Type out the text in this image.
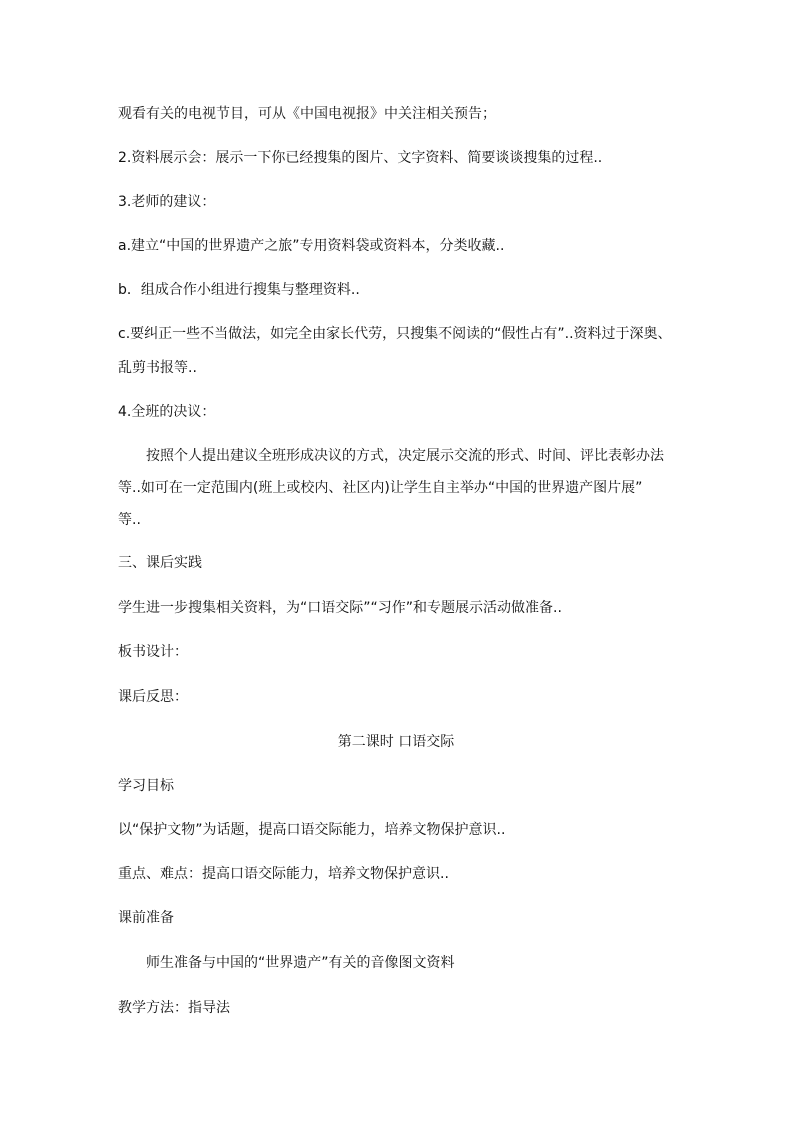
观看有关的电视节目，可从《中国电视报》中关注相关预告；
2.资料展示会：展示一下你已经搜集的图片、文字资料、简要谈谈搜集的过程..
3.老师的建议：
a.建立“中国的世界遗产之旅”专用资料袋或资料本，分类收藏..
b．组成合作小组进行搜集与整理资料..
c.要纠正一些不当做法，如完全由家长代劳，只搜集不阅读的“假性占有”..资料过于深奥、
乱剪书报等..
4.全班的决议：
按照个人提出建议全班形成决议的方式，决定展示交流的形式、时间、评比表彰办法
等..如可在一定范围内(班上或校内、社区内)让学生自主举办“中国的世界遗产图片展”
等..
三、课后实践
学生进一步搜集相关资料，为“口语交际”“习作”和专题展示活动做准备..
板书设计：
课后反思：
第二课时 口语交际
学习目标
以“保护文物”为话题，提高口语交际能力，培养文物保护意识..
重点、难点：提高口语交际能力，培养文物保护意识..
课前准备
师生准备与中国的“世界遗产”有关的音像图文资料
教学方法：指导法
